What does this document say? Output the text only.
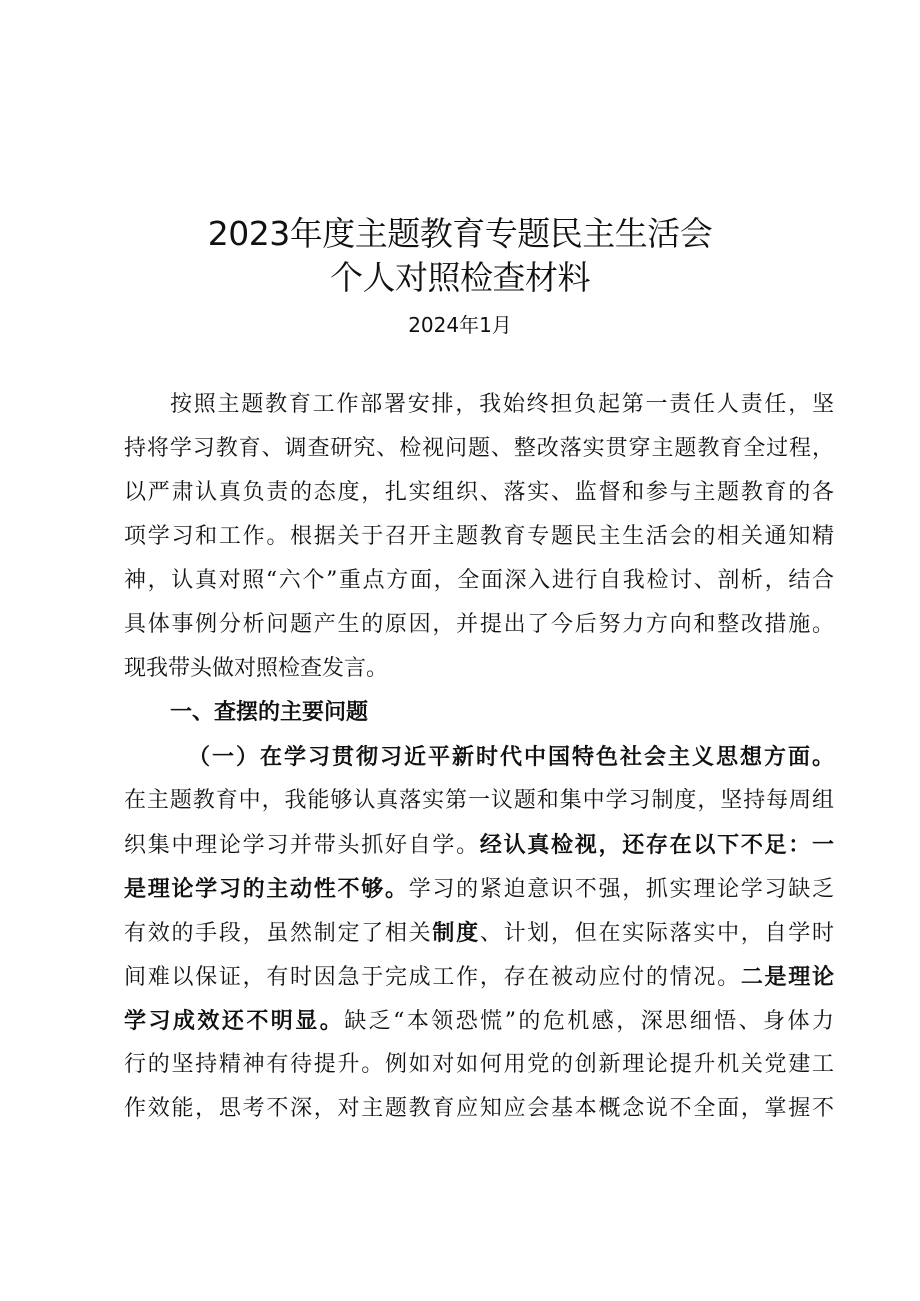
2023年度主题教育专题民主生活会
个人对照检查材料
2024年1月
按照主题教育工作部署安排，我始终担负起第一责任人责任，坚
持将学习教育、调查研究、检视问题、整改落实贯穿主题教育全过程，
以严肃认真负责的态度，扎实组织、落实、监督和参与主题教育的各
项学习和工作。根据关于召开主题教育专题民主生活会的相关通知精
神，认真对照“六个”重点方面，全面深入进行自我检讨、剖析，结合
具体事例分析问题产生的原因，并提出了今后努力方向和整改措施。
现我带头做对照检查发言。
一、查摆的主要问题
（一）在学习贯彻习近平新时代中国特色社会主义思想方面。
在主题教育中，我能够认真落实第一议题和集中学习制度，坚持每周组
织集中理论学习并带头抓好自学。经认真检视，还存在以下不足：一
是理论学习的主动性不够。学习的紧迫意识不强，抓实理论学习缺乏
有效的手段，虽然制定了相关制度、计划，但在实际落实中，自学时
间难以保证，有时因急于完成工作，存在被动应付的情况。二是理论
学习成效还不明显。缺乏“本领恐慌”的危机感，深思细悟、身体力
行的坚持精神有待提升。例如对如何用党的创新理论提升机关党建工
作效能，思考不深，对主题教育应知应会基本概念说不全面，掌握不
